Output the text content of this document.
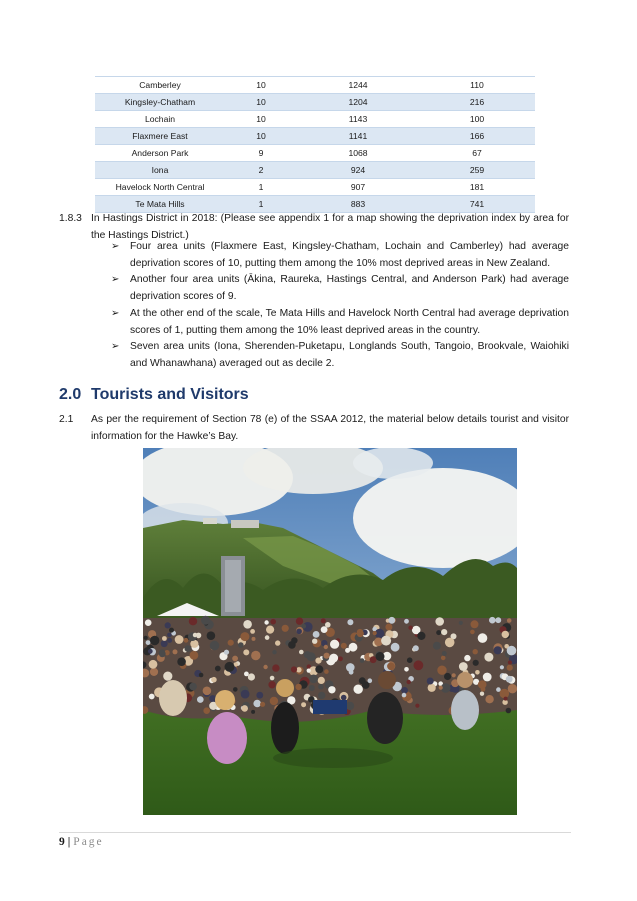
Camberley	10	1244	110
Kingsley-Chatham	10	1204	216
Lochain	10	1143	100
Flaxmere East	10	1141	166
Anderson Park	9	1068	67
Iona	2	924	259
Havelock North Central	1	907	181
Te Mata Hills	1	883	741
1.8.3 In Hastings District in 2018: (Please see appendix 1 for a map showing the deprivation index by area for the Hastings District.)
➢ Four area units (Flaxmere East, Kingsley-Chatham, Lochain and Camberley) had average deprivation scores of 10, putting them among the 10% most deprived areas in New Zealand.
➢ Another four area units (Ākina, Raureka, Hastings Central, and Anderson Park) had average deprivation scores of 9.
➢ At the other end of the scale, Te Mata Hills and Havelock North Central had average deprivation scores of 1, putting them among the 10% least deprived areas in the country.
➢ Seven area units (Iona, Sherenden-Puketapu, Longlands South, Tangoio, Brookvale, Waiohiki and Whanawhana) averaged out as decile 2.
2.0 Tourists and Visitors
2.1 As per the requirement of Section 78 (e) of the SSAA 2012, the material below details tourist and visitor information for the Hawke’s Bay.
9 | Page
